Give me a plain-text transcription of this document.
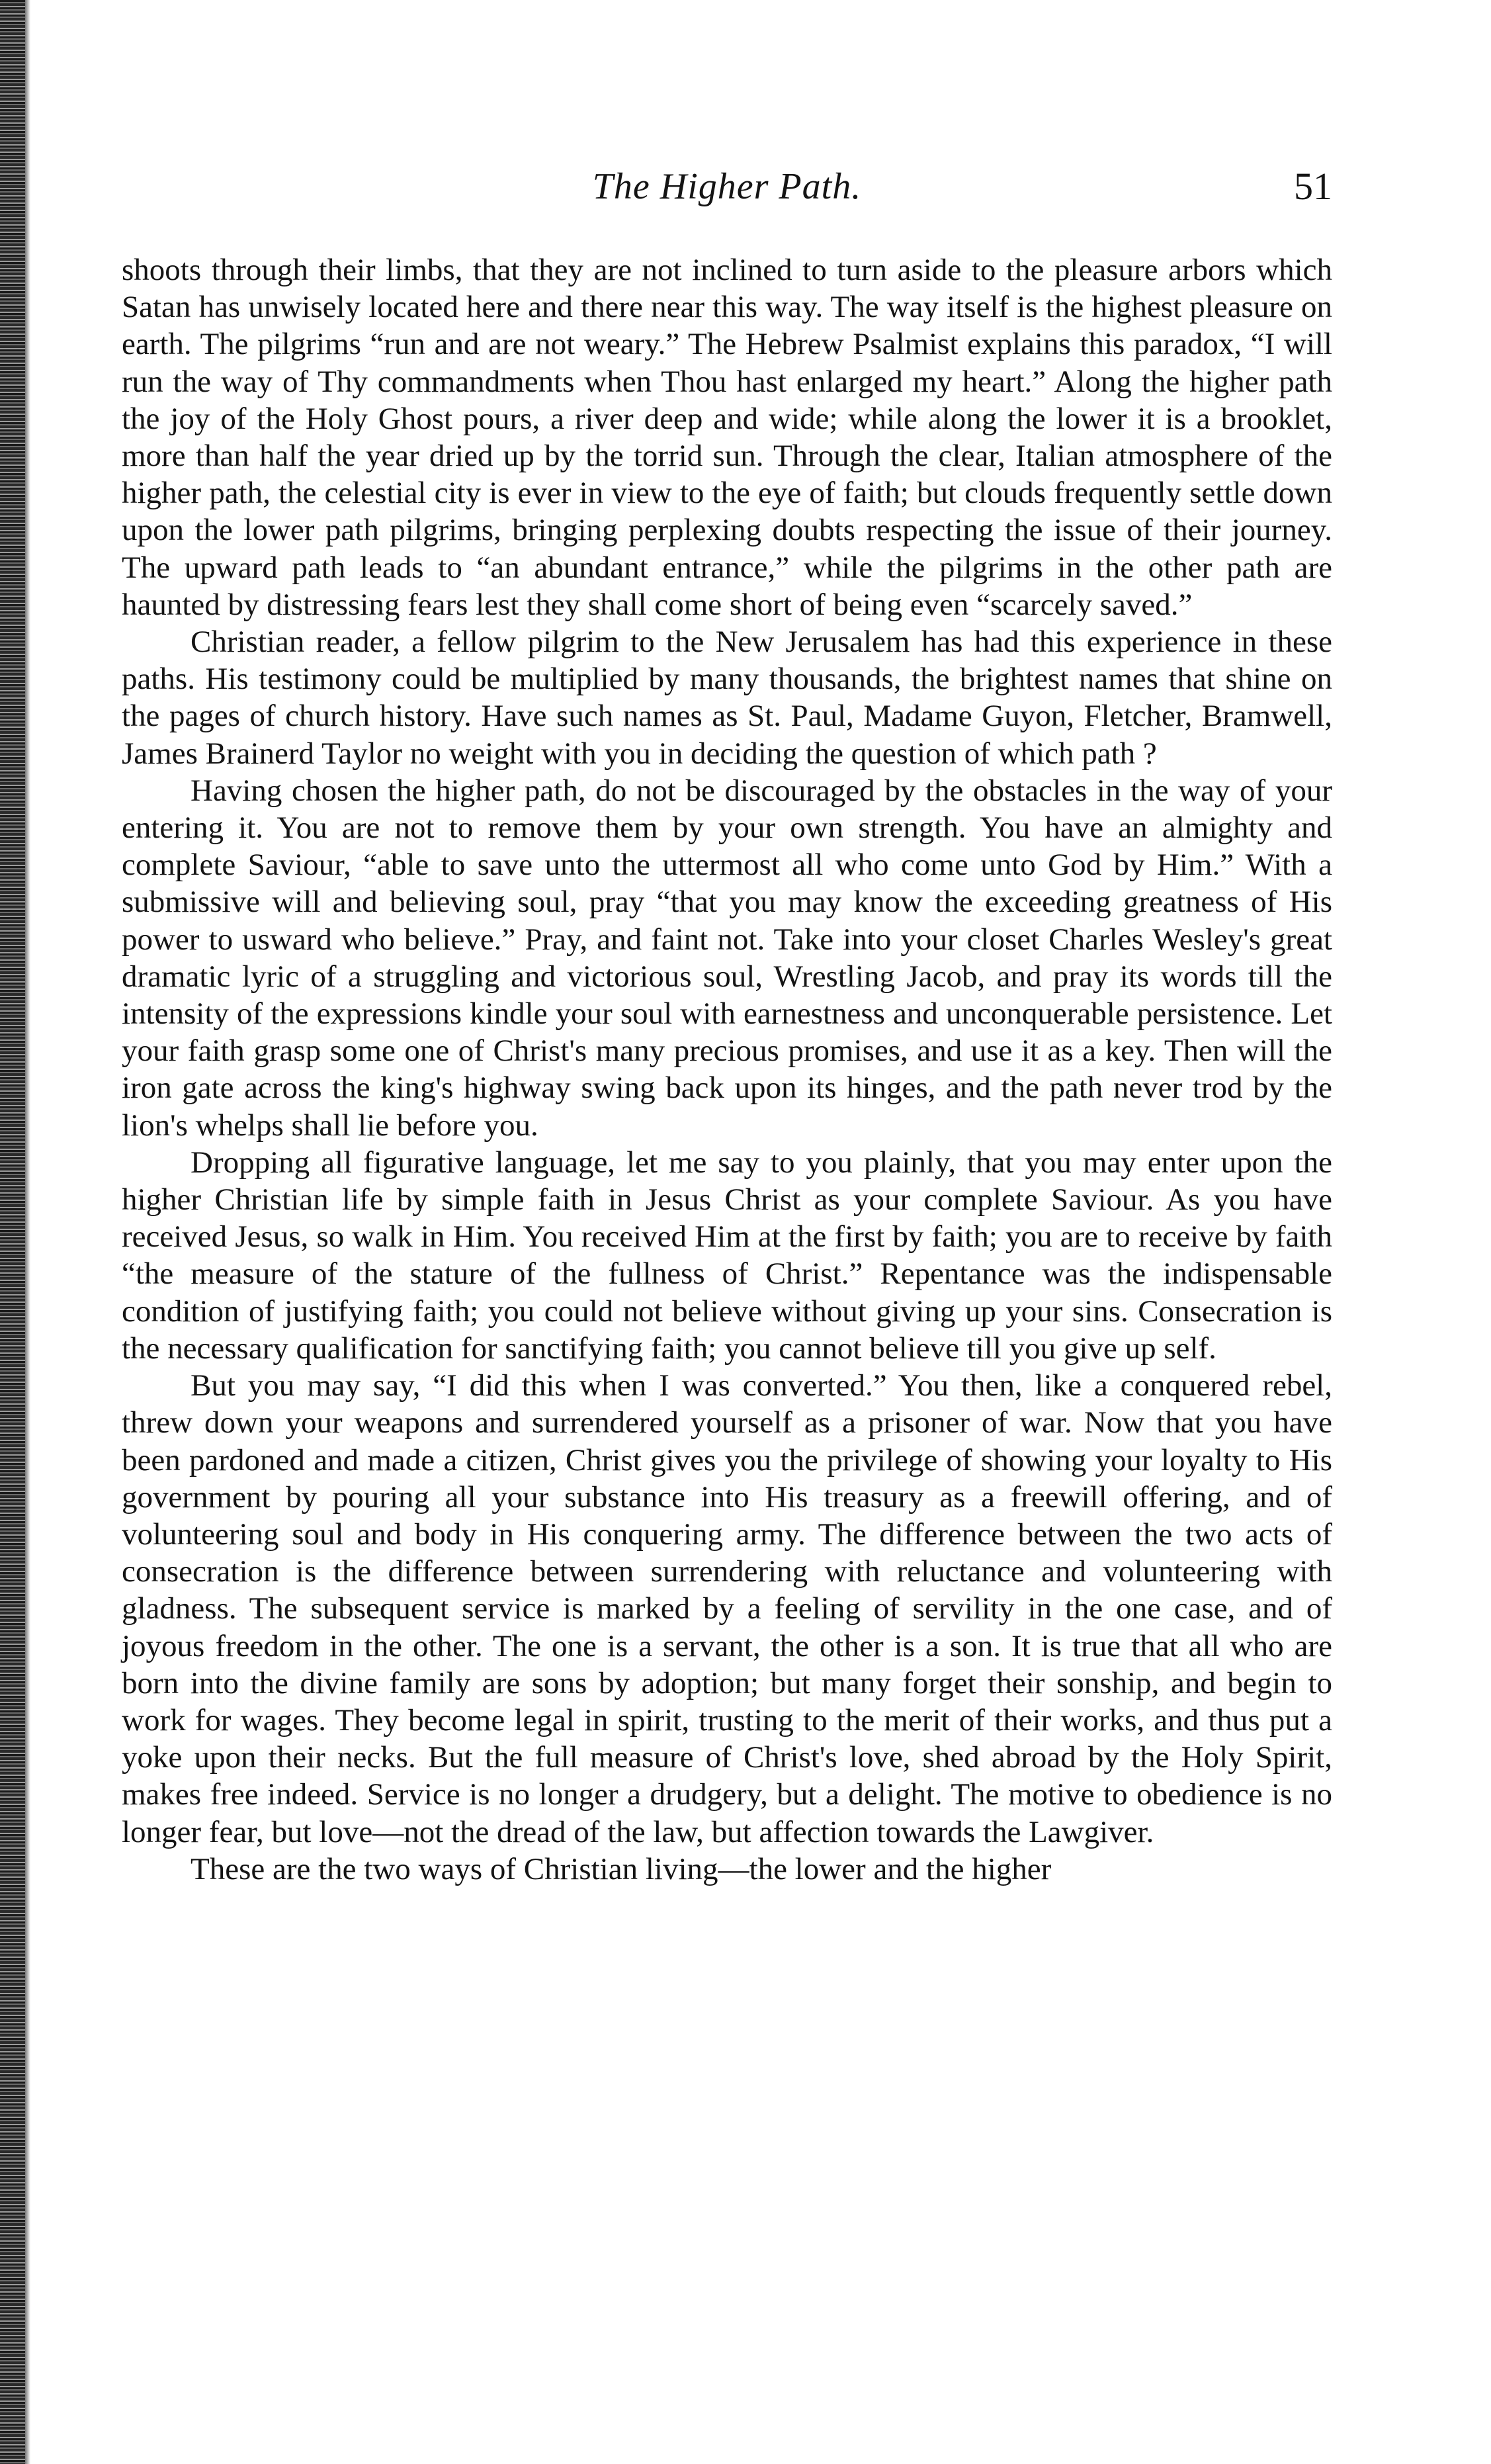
The Higher Path.	51

shoots through their limbs, that they are not inclined to turn aside to the pleasure arbors which Satan has unwisely located here and there near this way. The way itself is the highest pleasure on earth. The pilgrims “run and are not weary.” The Hebrew Psalmist explains this paradox, “I will run the way of Thy commandments when Thou hast enlarged my heart.” Along the higher path the joy of the Holy Ghost pours, a river deep and wide; while along the lower it is a brooklet, more than half the year dried up by the torrid sun. Through the clear, Italian atmosphere of the higher path, the celestial city is ever in view to the eye of faith; but clouds frequently settle down upon the lower path pilgrims, bringing perplexing doubts respecting the issue of their journey. The upward path leads to “an abundant entrance,” while the pilgrims in the other path are haunted by distressing fears lest they shall come short of being even “scarcely saved.”

Christian reader, a fellow pilgrim to the New Jerusalem has had this experience in these paths. His testimony could be multiplied by many thousands, the brightest names that shine on the pages of church history. Have such names as St. Paul, Madame Guyon, Fletcher, Bramwell, James Brainerd Taylor no weight with you in deciding the question of which path ?

Having chosen the higher path, do not be discouraged by the obstacles in the way of your entering it. You are not to remove them by your own strength. You have an almighty and complete Saviour, “able to save unto the uttermost all who come unto God by Him.” With a submissive will and believing soul, pray “that you may know the exceeding greatness of His power to usward who believe.” Pray, and faint not. Take into your closet Charles Wesley's great dramatic lyric of a struggling and victorious soul, Wrestling Jacob, and pray its words till the intensity of the expressions kindle your soul with earnestness and unconquerable persistence. Let your faith grasp some one of Christ's many precious promises, and use it as a key. Then will the iron gate across the king's highway swing back upon its hinges, and the path never trod by the lion's whelps shall lie before you.

Dropping all figurative language, let me say to you plainly, that you may enter upon the higher Christian life by simple faith in Jesus Christ as your complete Saviour. As you have received Jesus, so walk in Him. You received Him at the first by faith; you are to receive by faith “the measure of the stature of the fullness of Christ.” Repentance was the indispensable condition of justifying faith; you could not believe without giving up your sins. Consecration is the necessary qualification for sanctifying faith; you cannot believe till you give up self.

But you may say, “I did this when I was converted.” You then, like a conquered rebel, threw down your weapons and surrendered yourself as a prisoner of war. Now that you have been pardoned and made a citizen, Christ gives you the privilege of showing your loyalty to His government by pouring all your substance into His treasury as a freewill offering, and of volunteering soul and body in His conquering army. The difference between the two acts of consecration is the difference between surrendering with reluctance and volunteering with gladness. The subsequent service is marked by a feeling of servility in the one case, and of joyous freedom in the other. The one is a servant, the other is a son. It is true that all who are born into the divine family are sons by adoption; but many forget their sonship, and begin to work for wages. They become legal in spirit, trusting to the merit of their works, and thus put a yoke upon their necks. But the full measure of Christ's love, shed abroad by the Holy Spirit, makes free indeed. Service is no longer a drudgery, but a delight. The motive to obedience is no longer fear, but love—not the dread of the law, but affection towards the Lawgiver.

These are the two ways of Christian living—the lower and the higher
